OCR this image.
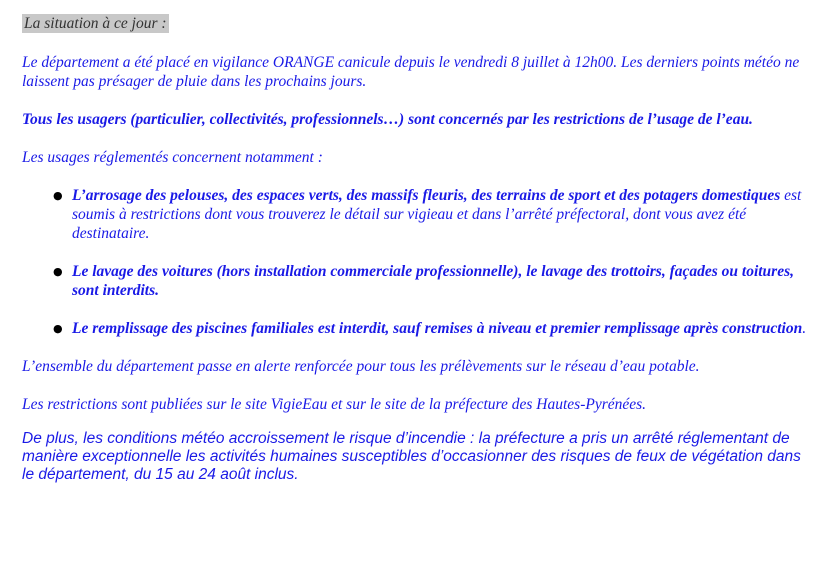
La situation à ce jour :

Le département a été placé en vigilance ORANGE canicule depuis le vendredi 8 juillet à 12h00. Les derniers points météo ne laissent pas présager de pluie dans les prochains jours.

Tous les usagers (particulier, collectivités, professionnels…) sont concernés par les restrictions de l’usage de l’eau.

Les usages réglementés concernent notamment :

● L’arrosage des pelouses, des espaces verts, des massifs fleuris, des terrains de sport et des potagers domestiques est soumis à restrictions dont vous trouverez le détail sur vigieau et dans l’arrêté préfectoral, dont vous avez été destinataire.
● Le lavage des voitures (hors installation commerciale professionnelle), le lavage des trottoirs, façades ou toitures, sont interdits.
● Le remplissage des piscines familiales est interdit, sauf remises à niveau et premier remplissage après construction.

L’ensemble du département passe en alerte renforcée pour tous les prélèvements sur le réseau d’eau potable.

Les restrictions sont publiées sur le site VigieEau et sur le site de la préfecture des Hautes-Pyrénées.

De plus, les conditions météo accroissement le risque d’incendie : la préfecture a pris un arrêté réglementant de manière exceptionnelle les activités humaines susceptibles d’occasionner des risques de feux de végétation dans le département, du 15 au 24 août inclus.
